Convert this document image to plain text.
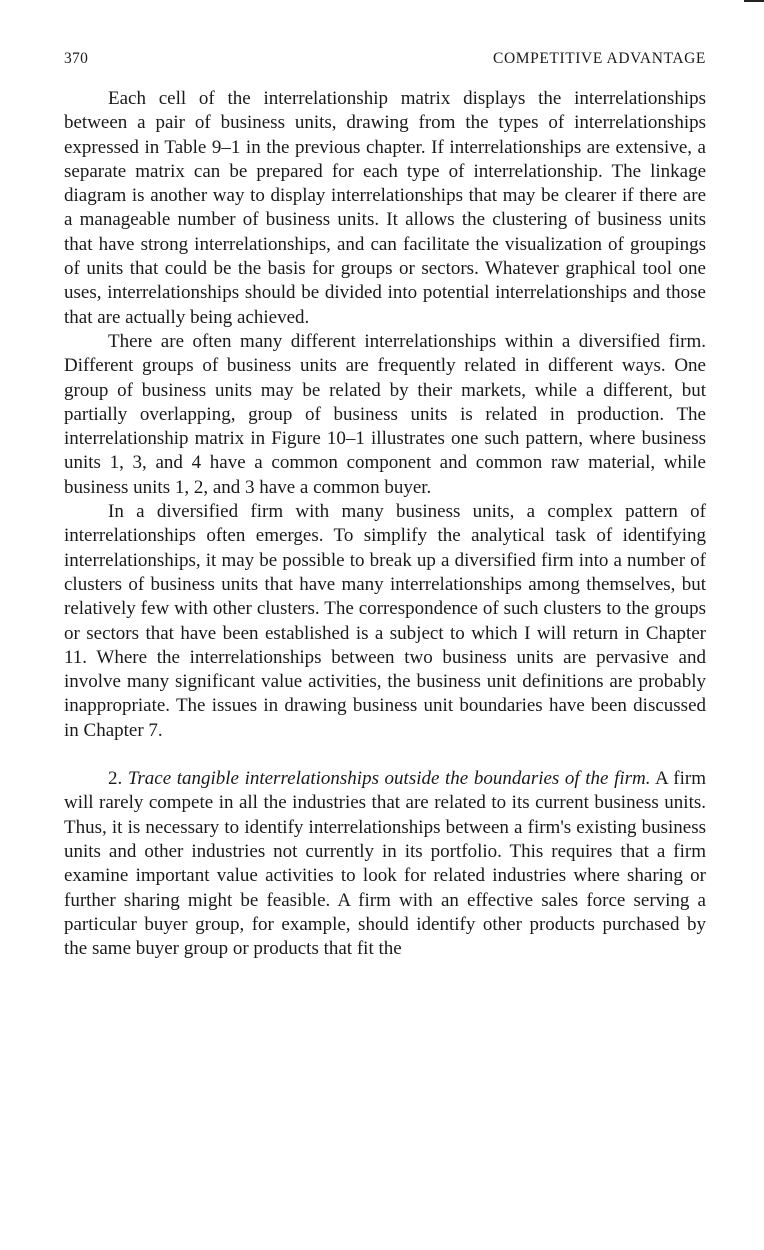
370	COMPETITIVE ADVANTAGE

Each cell of the interrelationship matrix displays the interrelationships between a pair of business units, drawing from the types of interrelationships expressed in Table 9–1 in the previous chapter. If interrelationships are extensive, a separate matrix can be prepared for each type of interrelationship. The linkage diagram is another way to display interrelationships that may be clearer if there are a manageable number of business units. It allows the clustering of business units that have strong interrelationships, and can facilitate the visualization of groupings of units that could be the basis for groups or sectors. Whatever graphical tool one uses, interrelationships should be divided into potential interrelationships and those that are actually being achieved.

There are often many different interrelationships within a diversified firm. Different groups of business units are frequently related in different ways. One group of business units may be related by their markets, while a different, but partially overlapping, group of business units is related in production. The interrelationship matrix in Figure 10–1 illustrates one such pattern, where business units 1, 3, and 4 have a common component and common raw material, while business units 1, 2, and 3 have a common buyer.

In a diversified firm with many business units, a complex pattern of interrelationships often emerges. To simplify the analytical task of identifying interrelationships, it may be possible to break up a diversified firm into a number of clusters of business units that have many interrelationships among themselves, but relatively few with other clusters. The correspondence of such clusters to the groups or sectors that have been established is a subject to which I will return in Chapter 11. Where the interrelationships between two business units are pervasive and involve many significant value activities, the business unit definitions are probably inappropriate. The issues in drawing business unit boundaries have been discussed in Chapter 7.

2. Trace tangible interrelationships outside the boundaries of the firm. A firm will rarely compete in all the industries that are related to its current business units. Thus, it is necessary to identify interrelationships between a firm's existing business units and other industries not currently in its portfolio. This requires that a firm examine important value activities to look for related industries where sharing or further sharing might be feasible. A firm with an effective sales force serving a particular buyer group, for example, should identify other products purchased by the same buyer group or products that fit the
